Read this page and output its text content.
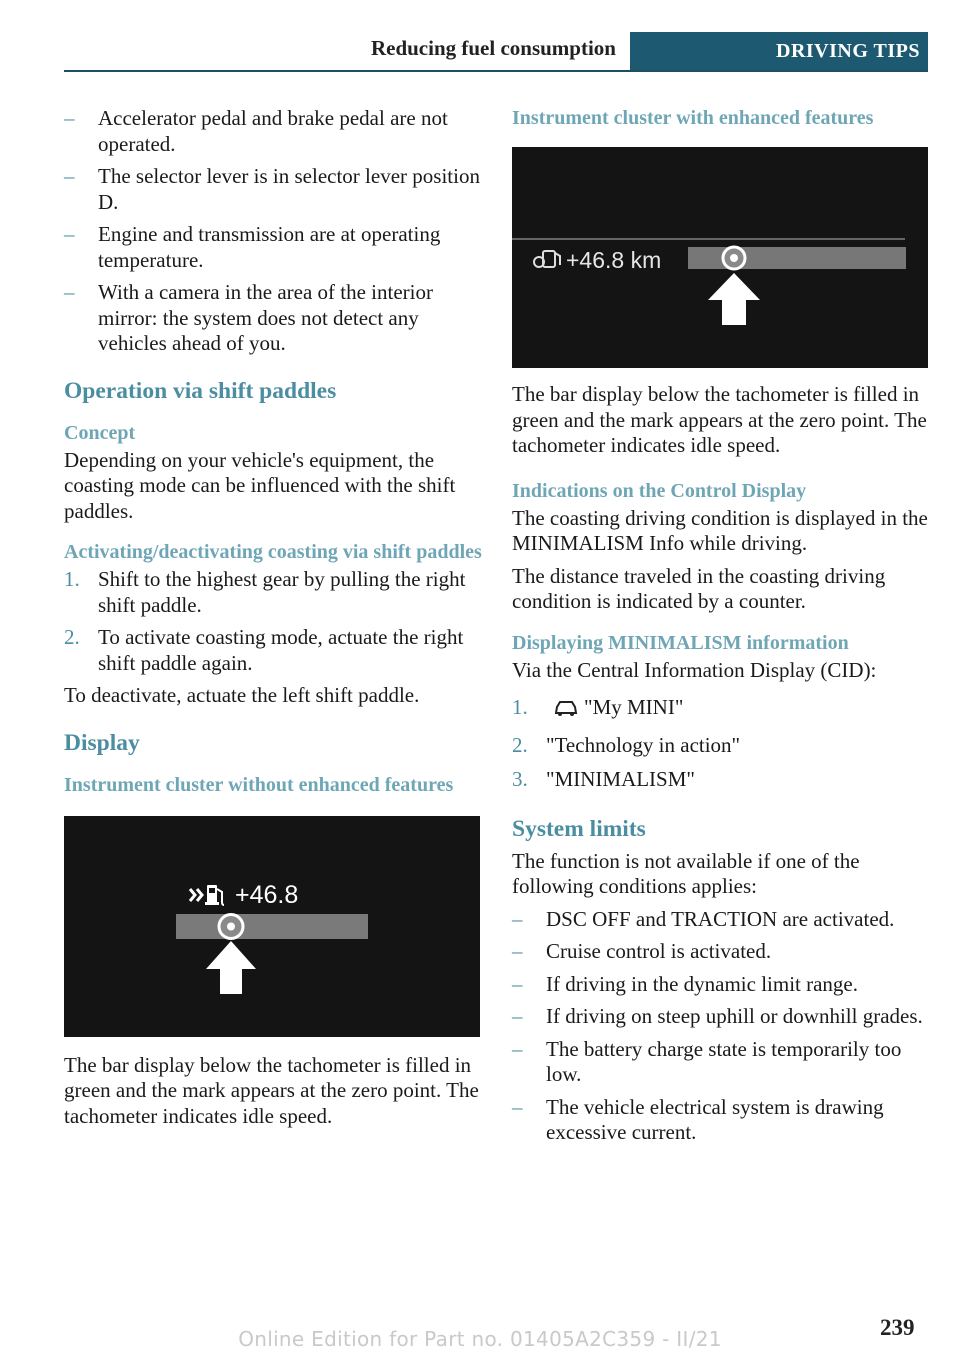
Reducing fuel consumption	DRIVING TIPS
– Accelerator pedal and brake pedal are not operated.
– The selector lever is in selector lever position D.
– Engine and transmission are at operating temperature.
– With a camera in the area of the interior mirror: the system does not detect any vehicles ahead of you.
Operation via shift paddles
Concept

Depending on your vehicle's equipment, the coasting mode can be influenced with the shift paddles.

Activating/deactivating coasting via shift paddles
1. Shift to the highest gear by pulling the right shift paddle.
2. To activate coasting mode, actuate the right shift paddle again.

To deactivate, actuate the left shift paddle.

Display
Instrument cluster without enhanced features
+46.8

The bar display below the tachometer is filled in green and the mark appears at the zero point. The tachometer indicates idle speed.

Instrument cluster with enhanced features
+46.8 km

The bar display below the tachometer is filled in green and the mark appears at the zero point. The tachometer indicates idle speed.

Indications on the Control Display

The coasting driving condition is displayed in the MINIMALISM Info while driving.

The distance traveled in the coasting driving condition is indicated by a counter.

Displaying MINIMALISM information

Via the Central Information Display (CID):

1.	"My MINI"
2. "Technology in action"
3. "MINIMALISM"
System limits

The function is not available if one of the following conditions applies:

– DSC OFF and TRACTION are activated.
– Cruise control is activated.
– If driving in the dynamic limit range.
– If driving on steep uphill or downhill grades.
– The battery charge state is temporarily too low.
– The vehicle electrical system is drawing excessive current.
239
Online Edition for Part no. 01405A2C359 - II/21
